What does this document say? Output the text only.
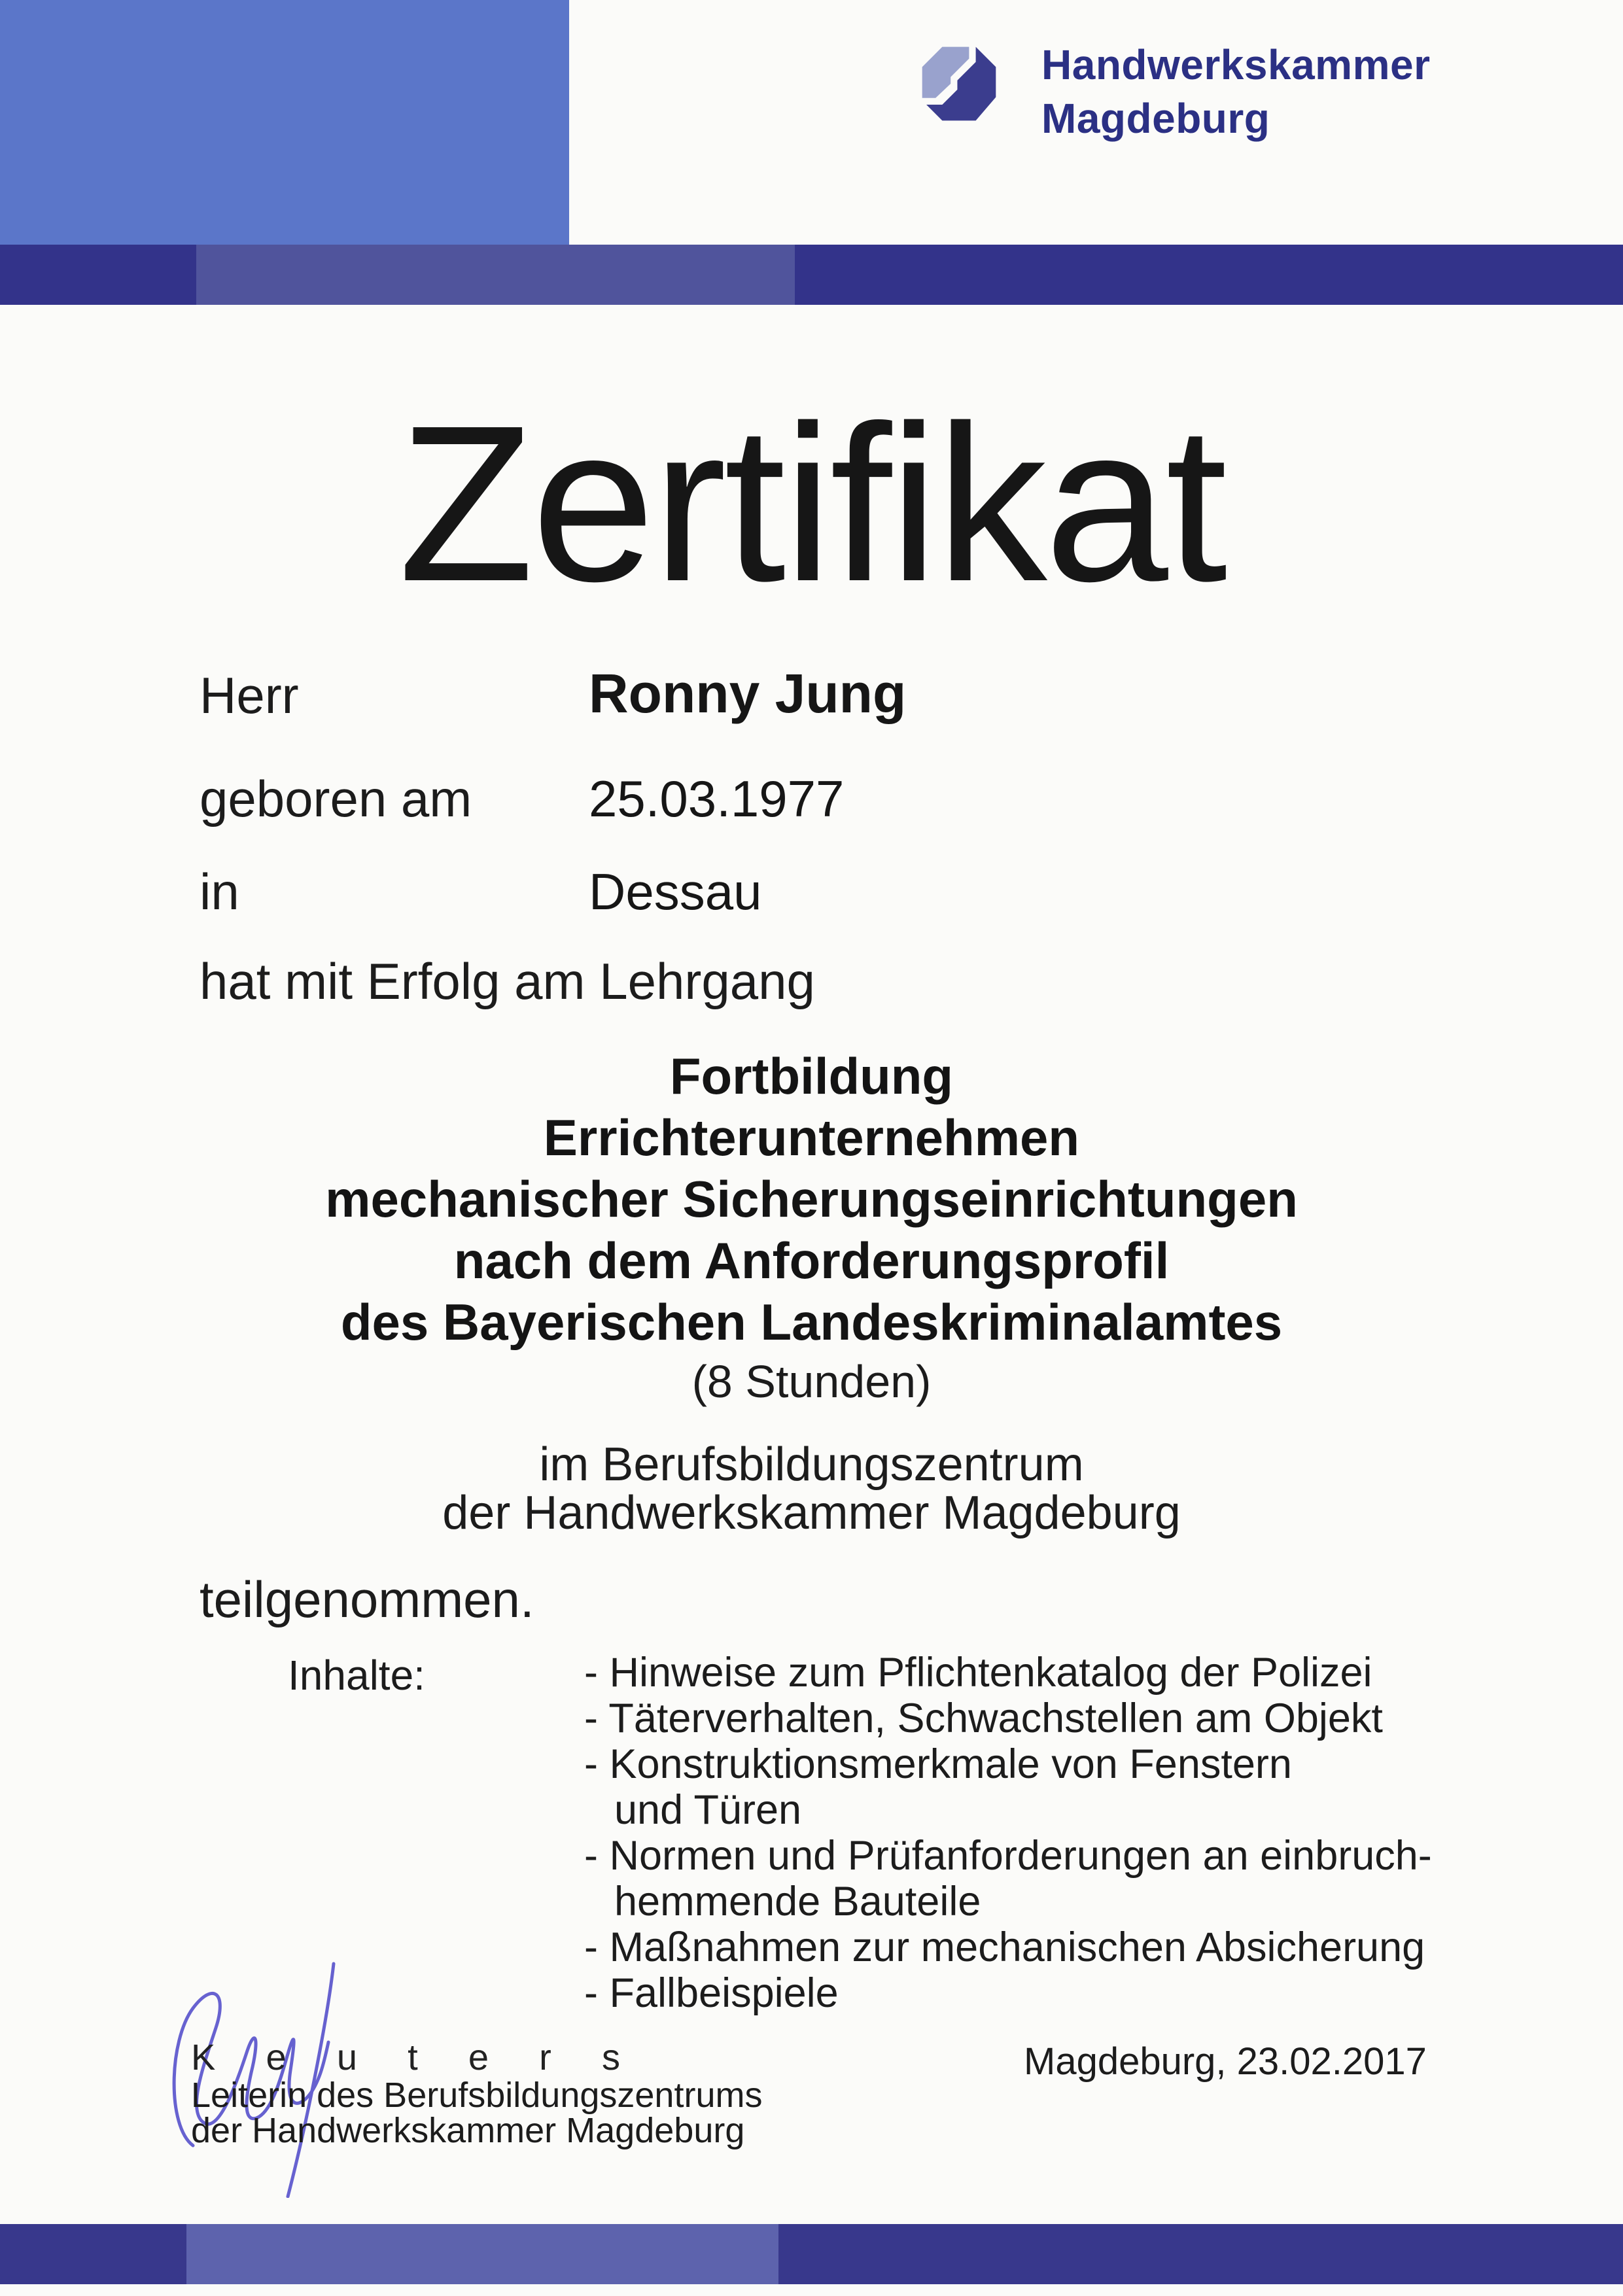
Handwerkskammer
Magdeburg
Zertifikat
Herr	Ronny Jung
geboren am 25.03.1977
in	Dessau
hat mit Erfolg am Lehrgang
Fortbildung
Errichterunternehmen
mechanischer Sicherungseinrichtungen
nach dem Anforderungsprofil
des Bayerischen Landeskriminalamtes
(8 Stunden)
im Berufsbildungszentrum
der Handwerkskammer Magdeburg
teilgenommen.
Inhalte:	- Hinweise zum Pflichtenkatalog der Polizei
- Täterverhalten, Schwachstellen am Objekt
- Konstruktionsmerkmale von Fenstern
und Türen
- Normen und Prüfanforderungen an einbruch-
hemmende Bauteile
- Maßnahmen zur mechanischen Absicherung
- Fallbeispiele
K e u t e r s
Leiterin des Berufsbildungszentrums
der Handwerkskammer Magdeburg
Magdeburg, 23.02.2017
